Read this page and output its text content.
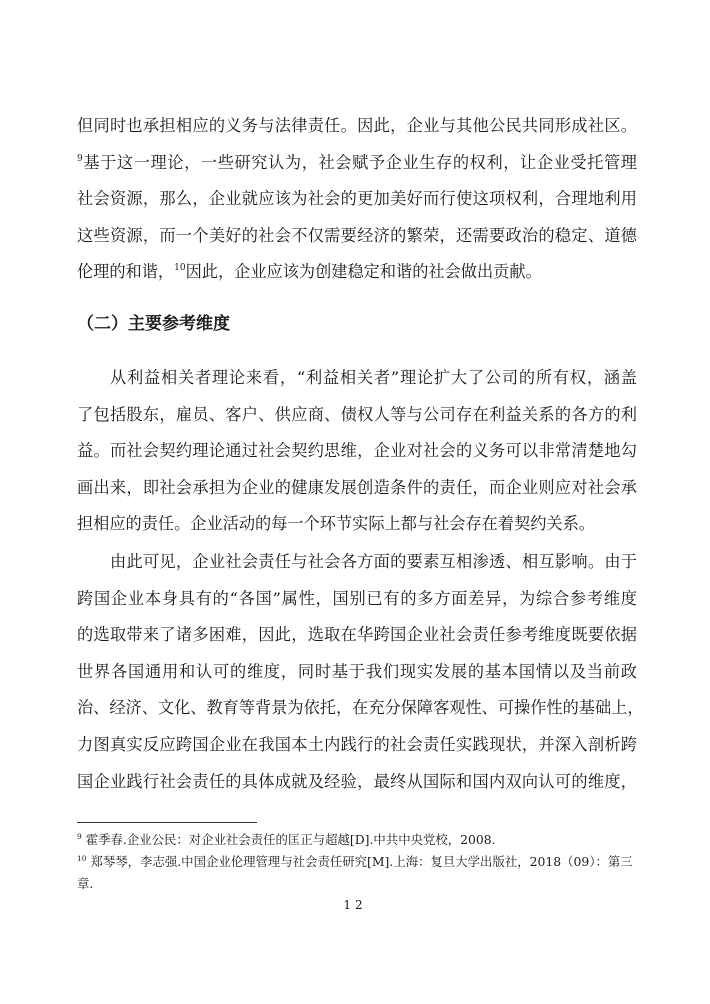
但同时也承担相应的义务与法律责任。因此，企业与其他公民共同形成社区。
$^9$基于这一理论，一些研究认为，社会赋予企业生存的权利，让企业受托管理
社会资源，那么，企业就应该为社会的更加美好而行使这项权利，合理地利用
这些资源，而一个美好的社会不仅需要经济的繁荣，还需要政治的稳定、道德
伦理的和谐，$^{10}$因此，企业应该为创建稳定和谐的社会做出贡献。
（二）主要参考维度
从利益相关者理论来看，“利益相关者”理论扩大了公司的所有权，涵盖
了包括股东，雇员、客户、供应商、债权人等与公司存在利益关系的各方的利
益。而社会契约理论通过社会契约思维，企业对社会的义务可以非常清楚地勾
画出来，即社会承担为企业的健康发展创造条件的责任，而企业则应对社会承
担相应的责任。企业活动的每一个环节实际上都与社会存在着契约关系。
由此可见，企业社会责任与社会各方面的要素互相渗透、相互影响。由于
跨国企业本身具有的“各国”属性，国别已有的多方面差异，为综合参考维度
的选取带来了诸多困难，因此，选取在华跨国企业社会责任参考维度既要依据
世界各国通用和认可的维度，同时基于我们现实发展的基本国情以及当前政
治、经济、文化、教育等背景为依托，在充分保障客观性、可操作性的基础上，
力图真实反应跨国企业在我国本土内践行的社会责任实践现状，并深入剖析跨
国企业践行社会责任的具体成就及经验，最终从国际和国内双向认可的维度，

$^9$ 霍季春.企业公民：对企业社会责任的匡正与超越[D].中共中央党校，2008.

$^{10}$ 郑琴琴，李志强.中国企业伦理管理与社会责任研究[M].上海：复旦大学出版社，2018（09）：第三
章.

12
